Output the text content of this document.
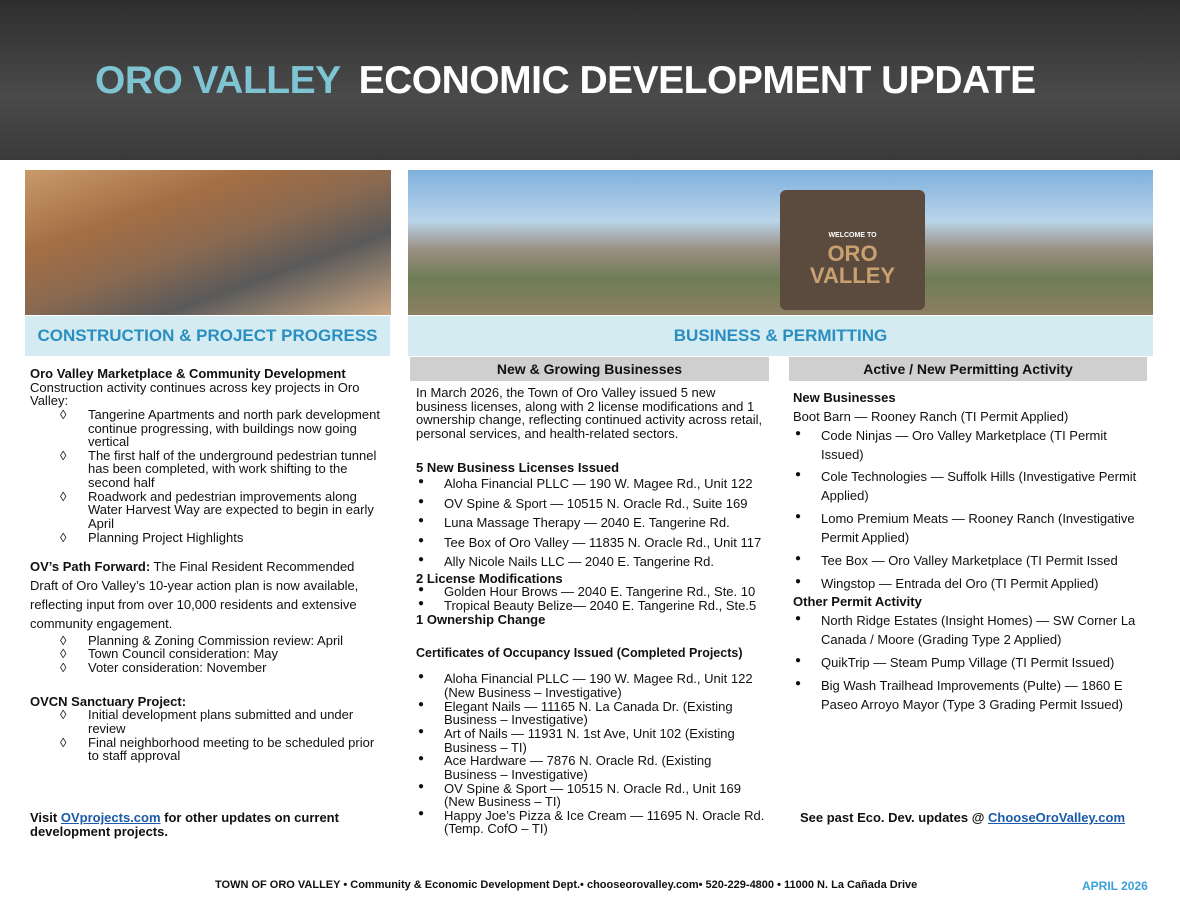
ORO VALLEY ECONOMIC DEVELOPMENT UPDATE
WELCOME TO
ORO
VALLEY
CONSTRUCTION & PROJECT PROGRESS	BUSINESS & PERMITTING
Oro Valley Marketplace & Community Development
Construction activity continues across key projects in Oro Valley:
◊ Tangerine Apartments and north park development continue progressing, with buildings now going vertical
◊ The first half of the underground pedestrian tunnel has been completed, with work shifting to the second half
◊ Roadwork and pedestrian improvements along Water Harvest Way are expected to begin in early April
◊ Planning Project Highlights
OV’s Path Forward: The Final Resident Recommended Draft of Oro Valley’s 10-year action plan is now available, reflecting input from over 10,000 residents and extensive community engagement.
◊ Planning & Zoning Commission review: April
◊ Town Council consideration: May
◊ Voter consideration: November
OVCN Sanctuary Project:
◊ Initial development plans submitted and under review
◊ Final neighborhood meeting to be scheduled prior to staff approval
Visit OVprojects.com for other updates on current development projects.
New & Growing Businesses
In March 2026, the Town of Oro Valley issued 5 new business licenses, along with 2 license modifications and 1 ownership change, reflecting continued activity across retail, personal services, and health-related sectors.
5 New Business Licenses Issued
● Aloha Financial PLLC — 190 W. Magee Rd., Unit 122
● OV Spine & Sport — 10515 N. Oracle Rd., Suite 169
● Luna Massage Therapy — 2040 E. Tangerine Rd.
● Tee Box of Oro Valley — 11835 N. Oracle Rd., Unit 117
● Ally Nicole Nails LLC — 2040 E. Tangerine Rd.
2 License Modifications
● Golden Hour Brows — 2040 E. Tangerine Rd., Ste. 10
● Tropical Beauty Belize— 2040 E. Tangerine Rd., Ste.5
1 Ownership Change
Certificates of Occupancy Issued (Completed Projects)
● Aloha Financial PLLC — 190 W. Magee Rd., Unit 122 (New Business – Investigative)
● Elegant Nails — 11165 N. La Canada Dr. (Existing Business – Investigative)
● Art of Nails — 11931 N. 1st Ave, Unit 102 (Existing Business – TI)
● Ace Hardware — 7876 N. Oracle Rd. (Existing Business – Investigative)
● OV Spine & Sport — 10515 N. Oracle Rd., Unit 169 (New Business – TI)
● Happy Joe’s Pizza & Ice Cream — 11695 N. Oracle Rd. (Temp. CofO – TI)
Active / New Permitting Activity
New Businesses
Boot Barn — Rooney Ranch (TI Permit Applied)
● Code Ninjas — Oro Valley Marketplace (TI Permit Issued)
● Cole Technologies — Suffolk Hills (Investigative Permit Applied)
● Lomo Premium Meats — Rooney Ranch (Investigative Permit Applied)
● Tee Box — Oro Valley Marketplace (TI Permit Issed
● Wingstop — Entrada del Oro (TI Permit Applied)
Other Permit Activity
● North Ridge Estates (Insight Homes) — SW Corner La Canada / Moore (Grading Type 2 Applied)
● QuikTrip — Steam Pump Village (TI Permit Issued)
● Big Wash Trailhead Improvements (Pulte) — 1860 E Paseo Arroyo Mayor (Type 3 Grading Permit Issued)
See past Eco. Dev. updates @ ChooseOroValley.com
TOWN OF ORO VALLEY • Community & Economic Development Dept.• chooseorovalley.com• 520-229-4800 • 11000 N. La Cañada Drive	APRIL 2026
